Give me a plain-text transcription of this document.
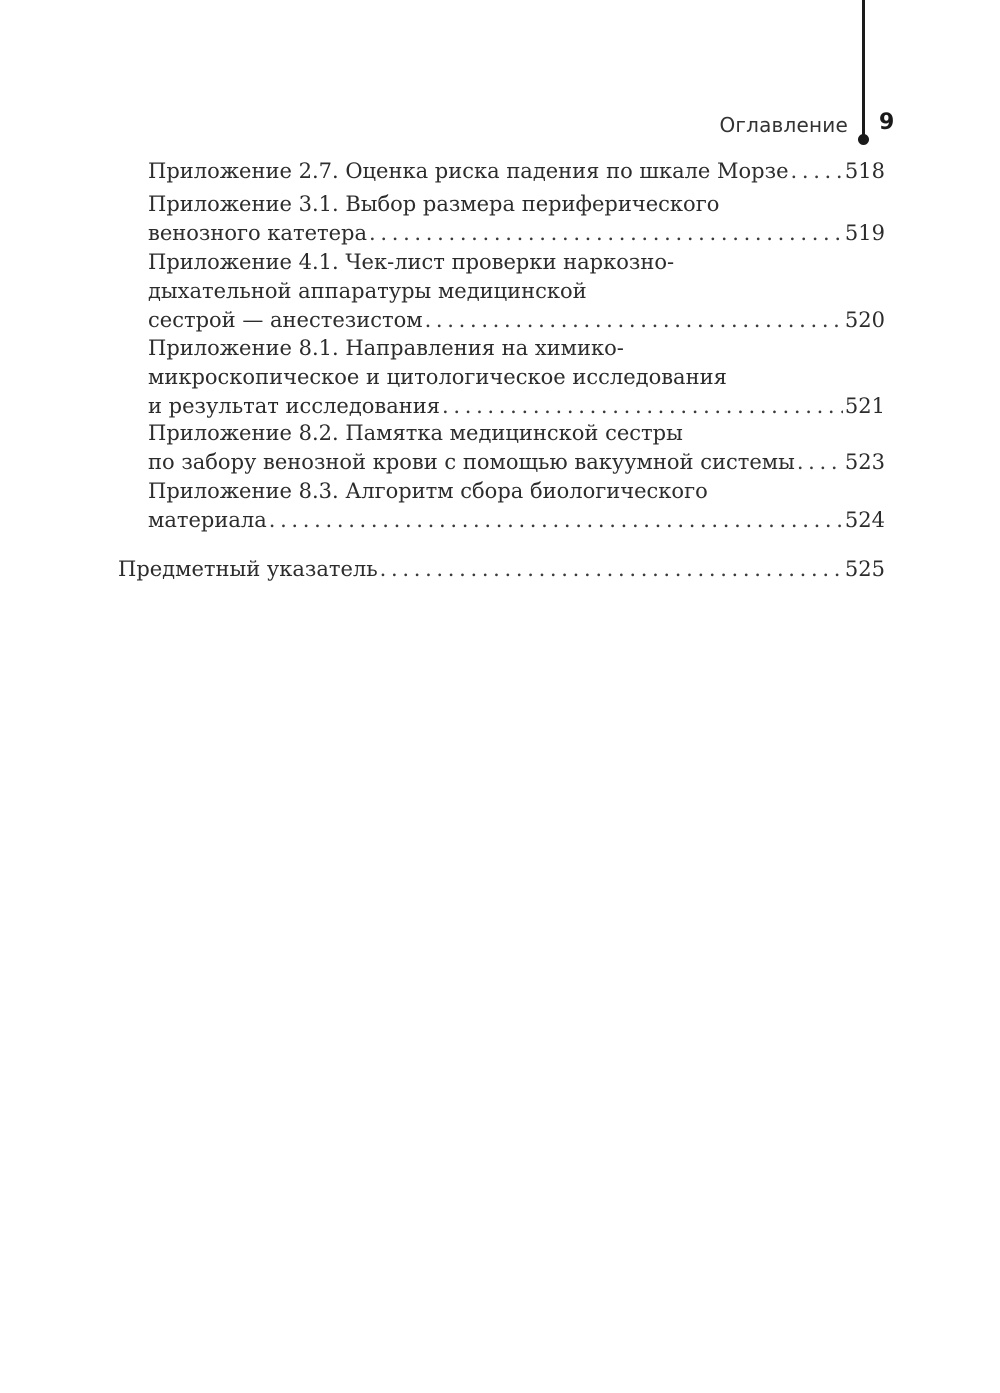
Оглавление 9
Приложение 2.7. Оценка риска падения по шкале Морзе . . .	518
Приложение 3.1. Выбор размера периферического
венозного катетера . . .	519
Приложение 4.1. Чек-лист проверки наркозно-
дыхательной аппаратуры медицинской
сестрой — анестезистом . . .	520
Приложение 8.1. Направления на химико-
микроскопическое и цитологическое исследования
и результат исследования . . .	521
Приложение 8.2. Памятка медицинской сестры
по забору венозной крови с помощью вакуумной системы . . . 523
Приложение 8.3. Алгоритм сбора биологического
материала . . .	524
Предметный указатель . . .	525
